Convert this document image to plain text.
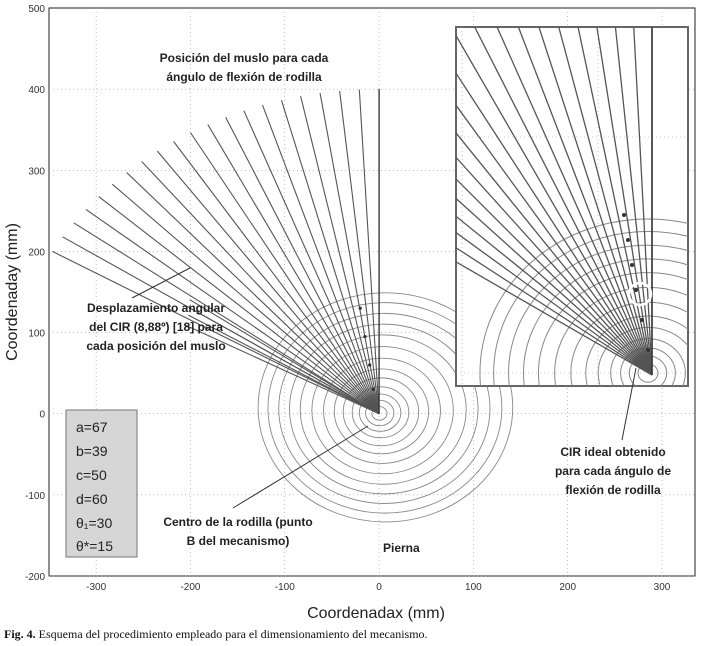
-300	-200	-100	0	100	200	300
-200
-100
0
100
200
300
400
500
Coordenadax (mm)
Coordenaday (mm)
Posición del muslo para cada
ángulo de flexión de rodilla
Desplazamiento angular
del CIR (8,88º) [18] para
cada posición del muslo
Centro de la rodilla (punto
B del mecanismo)	Pierna
CIR ideal obtenido
para cada ángulo de
flexión de rodilla
a=67
b=39
c=50
d=60
θ₁=30
θ*=15
Fig. 4. Esquema del procedimiento empleado para el dimensionamiento del mecanismo.
